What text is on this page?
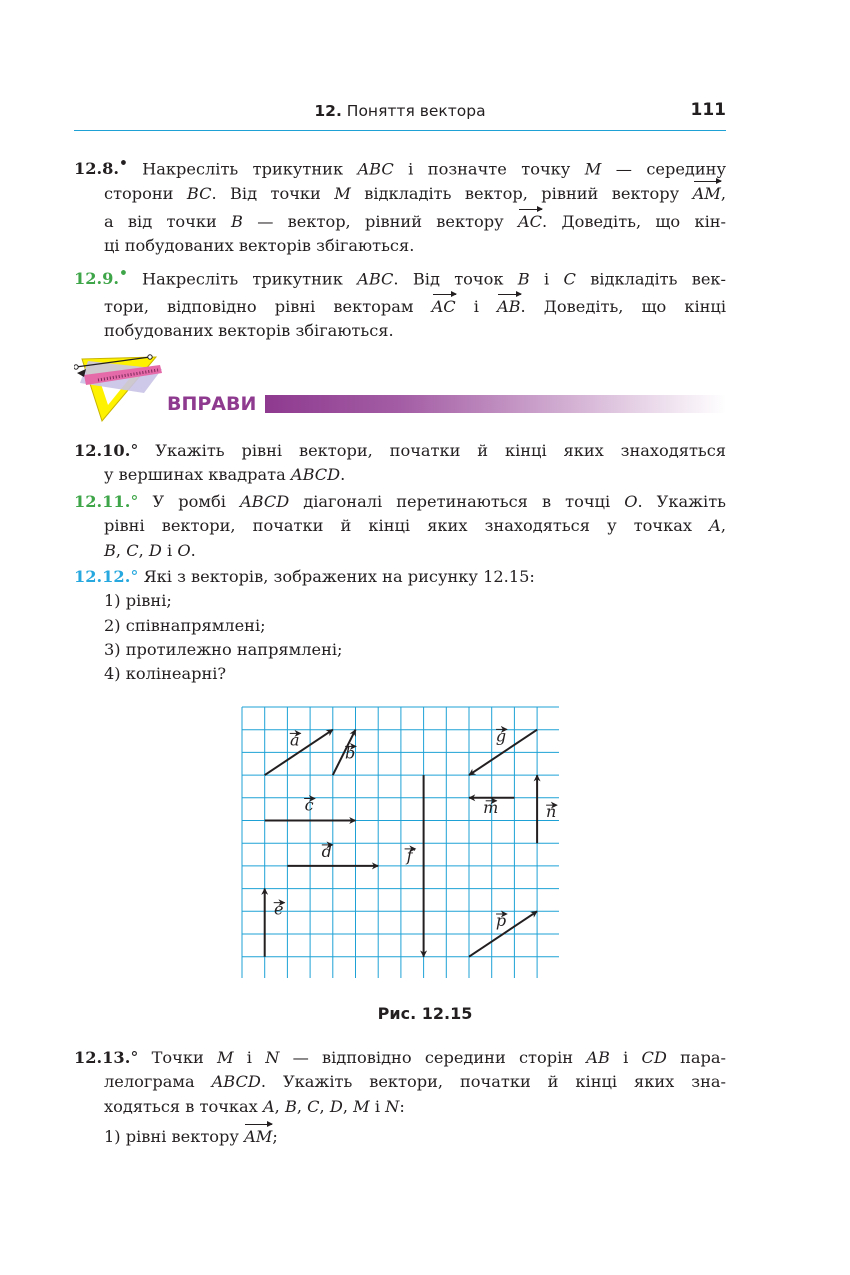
12. Поняття вектора	111
12.8.• Накресліть трикутник ABC і позначте точку M — середину
сторони BC. Від точки M відкладіть вектор, рівний вектору AM,
а від точки B — вектор, рівний вектору AC. Доведіть, що кін-
ці побудованих векторів збігаються.
12.9.• Накресліть трикутник ABC. Від точок B і C відкладіть век-
тори, відповідно рівні векторам AC і AB. Доведіть, що кінці
побудованих векторів збігаються.
ВПРАВИ
12.10.° Укажіть рівні вектори, початки й кінці яких знаходяться
у вершинах квадрата ABCD.
12.11.° У ромбі ABCD діагоналі перетинаються в точці O. Укажіть
рівні вектори, початки й кінці яких знаходяться у точках A,
B, C, D і O.
12.12.° Які з векторів, зображених на рисунку 12.15:
1) рівні;
2) співнапрямлені;
3) протилежно напрямлені;
4) колінеарні?
a
b
g
c	m	n
d	f
e
p
Рис. 12.15
12.13.° Точки M і N — відповідно середини сторін AB і CD пара-
лелограма ABCD. Укажіть вектори, початки й кінці яких зна-
ходяться в точках A, B, C, D, M і N:
1) рівні вектору AM;
